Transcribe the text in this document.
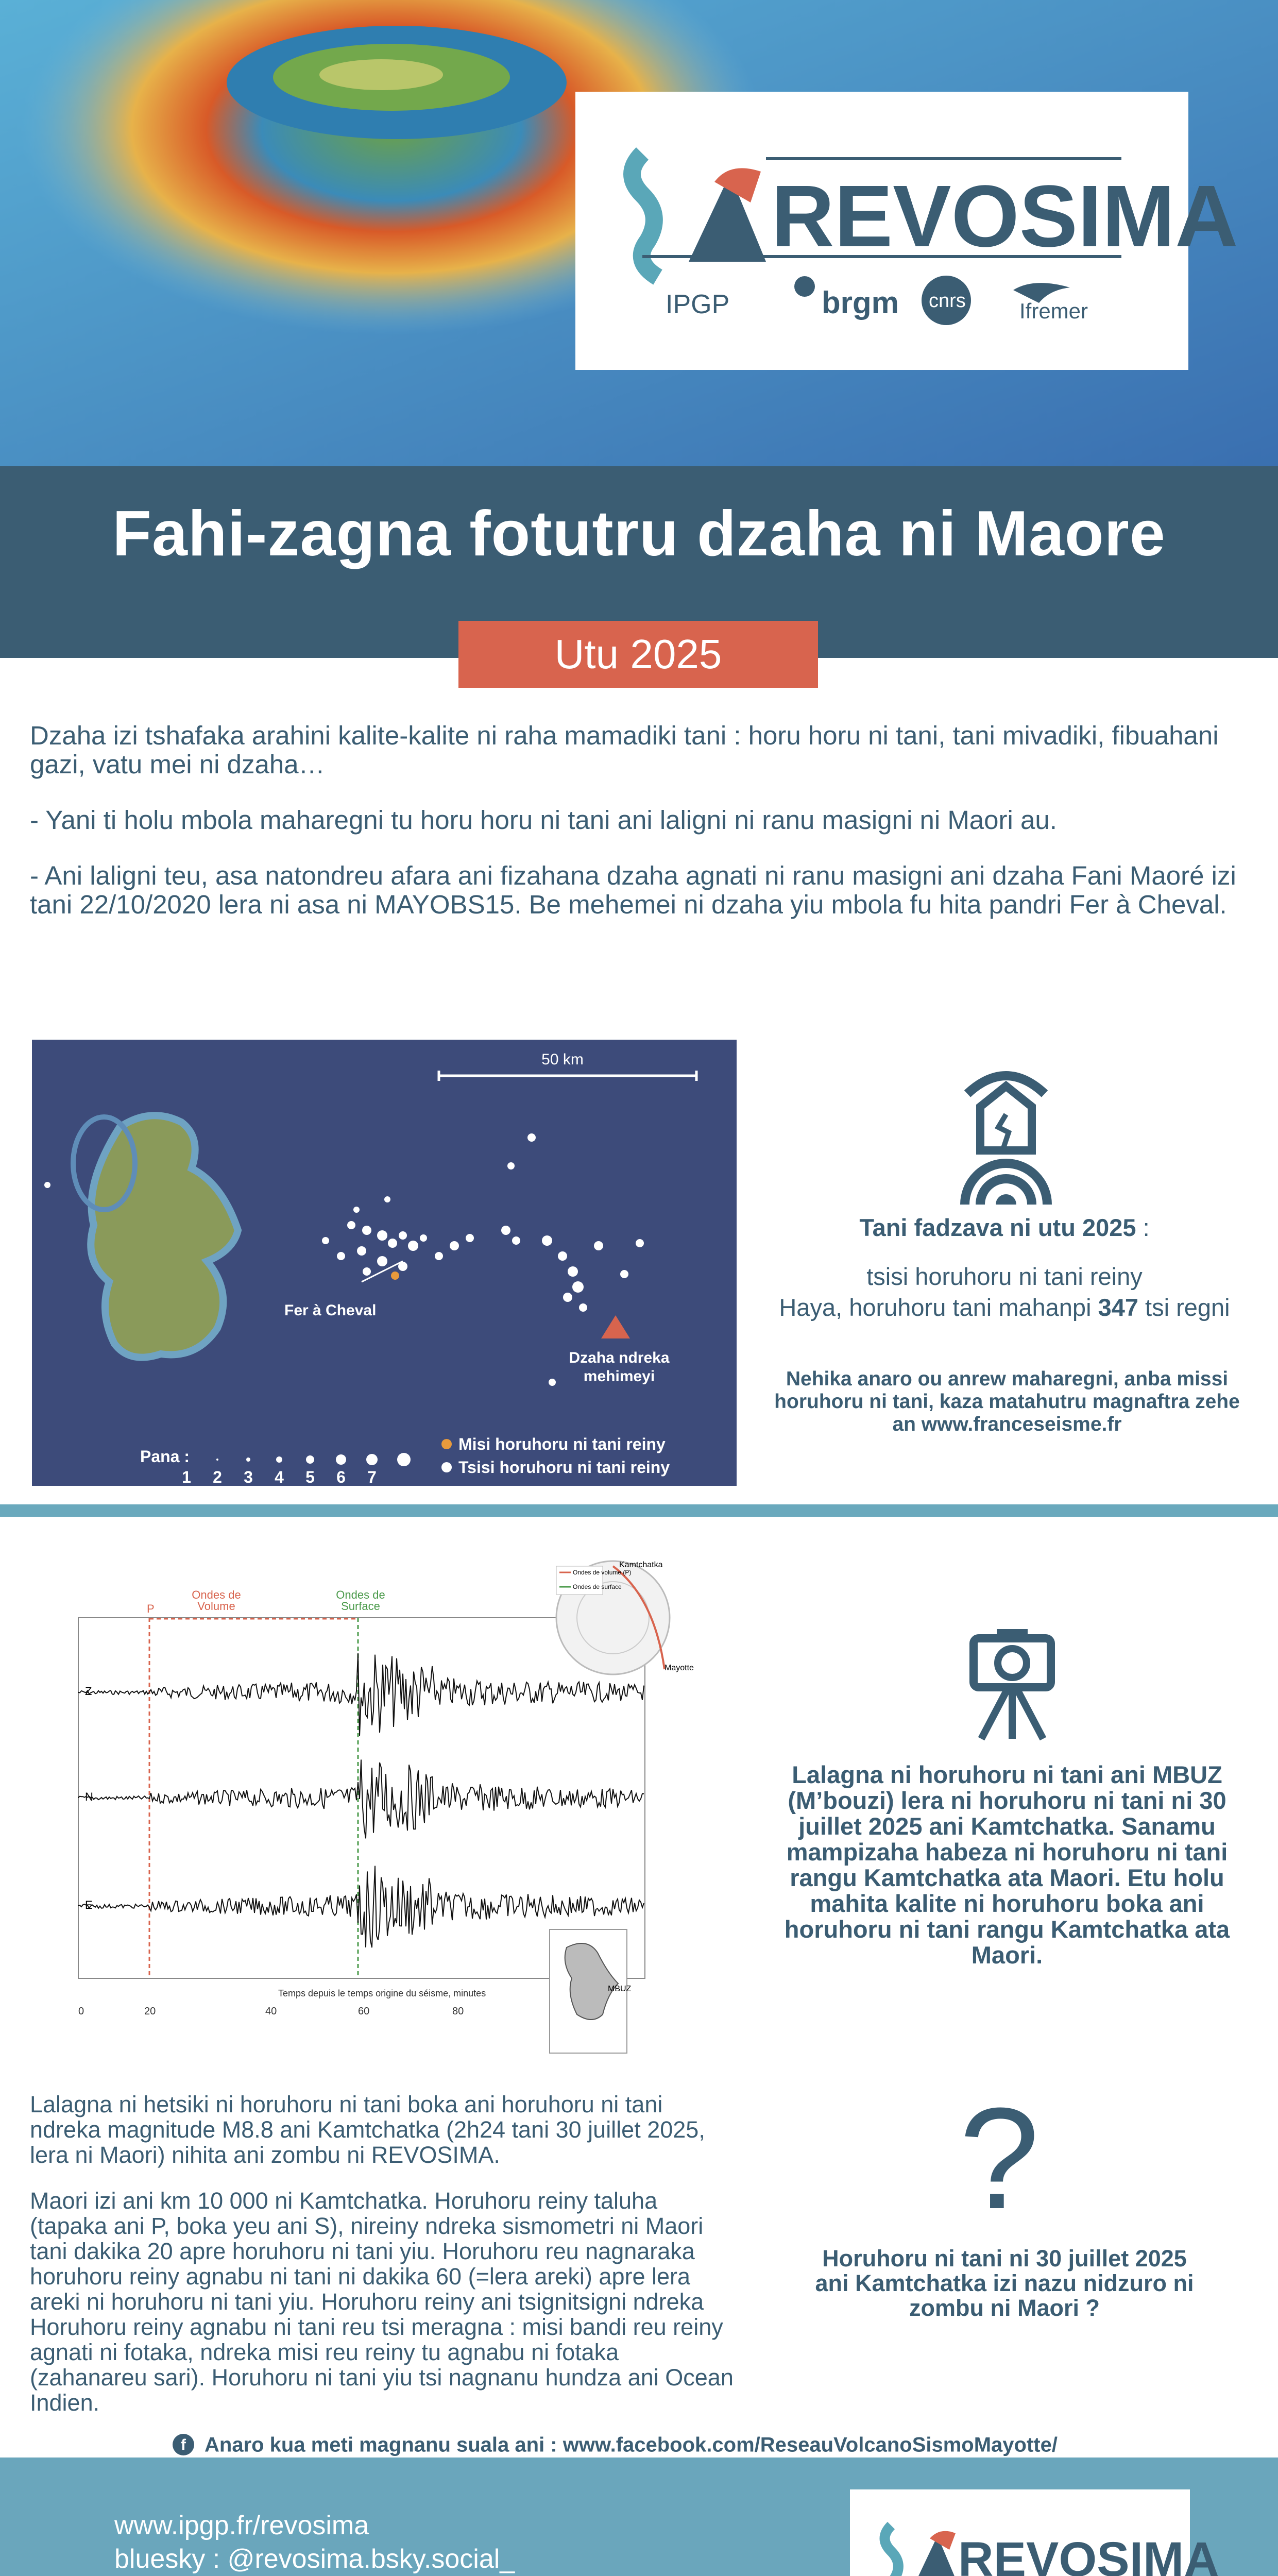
REVOSIMA
IPGP	brgm cnrs Ifremer
Fahi-zagna fotutru dzaha ni Maore
Utu 2025

Dzaha izi tshafaka arahini kalite-kalite ni raha mamadiki tani : horu horu ni tani, tani mivadiki, fibuahani gazi, vatu mei ni dzaha…

- Yani ti holu mbola maharegni tu horu horu ni tani ani laligni ni ranu masigni ni Maori au.

- Ani laligni teu, asa natondreu afara ani fizahana dzaha agnati ni ranu masigni ani dzaha Fani Maoré izi tani 22/10/2020 lera ni asa ni MAYOBS15. Be mehemei ni dzaha yiu mbola fu hita pandri Fer à Cheval.

50 km
Fer à Cheval
Dzaha ndreka mehimeyi
Pana :
1 2 3 4 5 6 7
Misi horuhoru ni tani reiny
Tsisi horuhoru ni tani reiny
Tani fadzava ni utu 2025 :
tsisi horuhoru ni tani reiny
Haya, horuhoru tani mahanpi 347 tsi regni
Nehika anaro ou anrew maharegni, anba missi horuhoru ni tani, kaza matahutru magnaftra zehe an www.franceseisme.fr
P
Ondes de Volume
Ondes de Surface
Z
N
E
0	20	40	60	80
Temps depuis le temps origine du séisme, minutes
Ondes de volume (P)
Ondes de surface
Kamtchatka
Mayotte
MBUZ
Lalagna ni horuhoru ni tani ani MBUZ (M’bouzi) lera ni horuhoru ni tani ni 30 juillet 2025 ani Kamtchatka. Sanamu mampizaha habeza ni horuhoru ni tani rangu Kamtchatka ata Maori. Etu holu mahita kalite ni horuhoru boka ani horuhoru ni tani rangu Kamtchatka ata Maori.

Lalagna ni hetsiki ni horuhoru ni tani boka ani horuhoru ni tani ndreka magnitude M8.8 ani Kamtchatka (2h24 tani 30 juillet 2025, lera ni Maori) nihita ani zombu ni REVOSIMA.

Maori izi ani km 10 000 ni Kamtchatka. Horuhoru reiny taluha (tapaka ani P, boka yeu ani S), nireiny ndreka sismometri ni Maori tani dakika 20 apre horuhoru ni tani yiu. Horuhoru reu nagnaraka horuhoru reiny agnabu ni tani ni dakika 60 (=lera areki) apre lera areki ni horuhoru ni tani yiu. Horuhoru reiny ani tsignitsigni ndreka Horuhoru reiny agnabu ni tani reu tsi meragna : misi bandi reu reiny agnati ni fotaka, ndreka misi reu reiny tu agnabu ni fotaka (zahanareu sari). Horuhoru ni tani yiu tsi nagnanu hundza ani Ocean Indien.

?
Horuhoru ni tani ni 30 juillet 2025 ani Kamtchatka izi nazu nidzuro ni zombu ni Maori ?
f Anaro kua meti magnanu suala ani : www.facebook.com/ReseauVolcanoSismoMayotte/
www.ipgp.fr/revosima
bluesky : @revosima.bsky.social_	REVOSIMA
